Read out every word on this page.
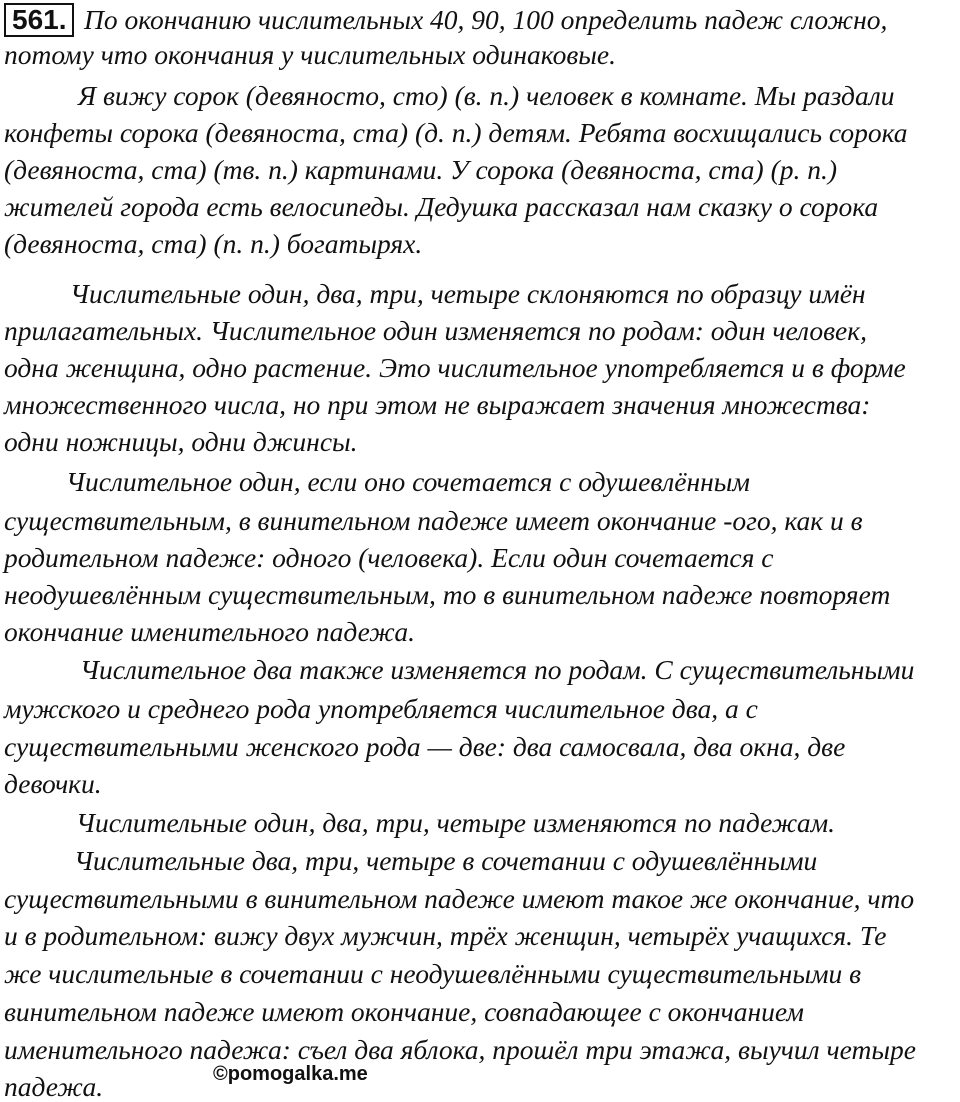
561. По окончанию числительных 40, 90, 100 определить падеж сложно,
потому что окончания у числительных одинаковые.
Я вижу сорок (девяносто, сто) (в. п.) человек в комнате. Мы раздали
конфеты сорока (девяноста, ста) (д. п.) детям. Ребята восхищались сорока
(девяноста, ста) (тв. п.) картинами. У сорока (девяноста, ста) (р. п.)
жителей города есть велосипеды. Дедушка рассказал нам сказку о сорока
(девяноста, ста) (п. п.) богатырях.
Числительные один, два, три, четыре склоняются по образцу имён
прилагательных. Числительное один изменяется по родам: один человек,
одна женщина, одно растение. Это числительное употребляется и в форме
множественного числа, но при этом не выражает значения множества:
одни ножницы, одни джинсы.
Числительное один, если оно сочетается с одушевлённым
существительным, в винительном падеже имеет окончание -ого, как и в
родительном падеже: одного (человека). Если один сочетается с
неодушевлённым существительным, то в винительном падеже повторяет
окончание именительного падежа.
Числительное два также изменяется по родам. С существительными
мужского и среднего рода употребляется числительное два, а с
существительными женского рода — две: два самосвала, два окна, две
девочки.
Числительные один, два, три, четыре изменяются по падежам.
Числительные два, три, четыре в сочетании с одушевлёнными
существительными в винительном падеже имеют такое же окончание, что
и в родительном: вижу двух мужчин, трёх женщин, четырёх учащихся. Те
же числительные в сочетании с неодушевлёнными существительными в
винительном падеже имеют окончание, совпадающее с окончанием
именительного падежа: съел два яблока, прошёл три этажа, выучил четыре
падежа.	©pomogalka.me
